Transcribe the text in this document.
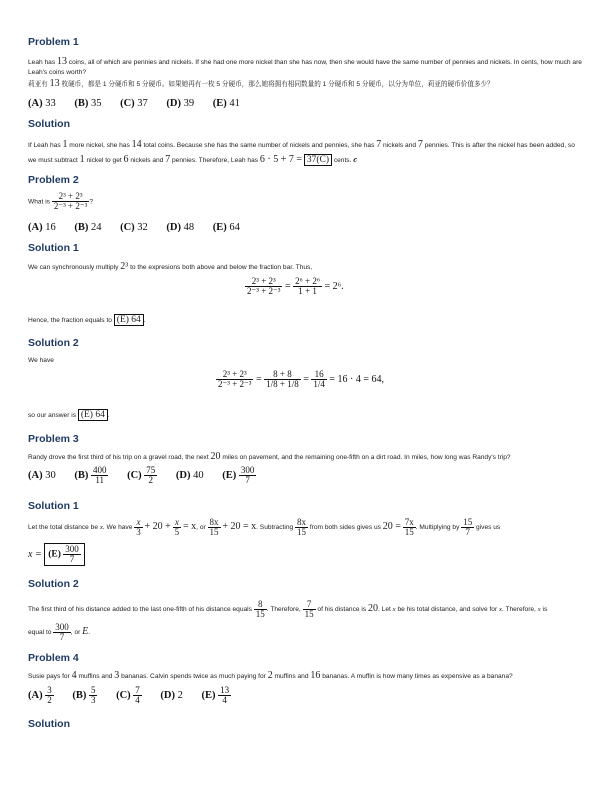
Problem 1

Leah has 13 coins, all of which are pennies and nickels. If she had one more nickel than she has now, then she would have the same number of pennies and nickels. In cents, how much are Leah's coins worth?

莉亚有 13 枚硬币，都是 1 分硬币和 5 分硬币。如果她再有一枚 5 分硬币，那么她将拥有相同数量的 1 分硬币和 5 分硬币，以分为单位，莉亚的硬币价值多少？

(A) 33 (B) 35 (C) 37 (D) 39 (E) 41
Solution

If Leah has 1 more nickel, she has 14 total coins. Because she has the same number of nickels and pennies, she has 7 nickels and 7 pennies. This is after the nickel has been added, so we must subtract 1 nickel to get 6 nickels and 7 pennies. Therefore, Leah has 6 · 5 + 7 = 37(C) cents. 𝒸

Problem 2

What is $\frac{\text{2³ + 2³}}{\text{2⁻³ + 2⁻³}}$ ?

(A) 16 (B) 24 (C) 32 (D) 48 (E) 64
Solution 1

We can synchronously multiply 2³ to the expresions both above and below the fraction bar. Thus,

$\frac{\text{2³ + 2³}}{\text{2⁻³ + 2⁻³}} = \frac{\text{2⁶ + 2⁶}}{1 + 1} = 2^6$.

Hence, the fraction equals to (E) 64 .

Solution 2

We have

$\frac{\text{2³ + 2³}}{\text{2⁻³ + 2⁻³}} = \frac{8 + 8}{1/8 + 1/8} = \frac{16}{1/4} = 16 \cdot 4 = 64$,

so our answer is (E) 64 .

Problem 3

Randy drove the first third of his trip on a gravel road, the next 20 miles on pavement, and the remaining one-fifth on a dirt road. In miles, how long was Randy's trip?

(A) 30 $(B) \frac{400}{11} (C) \frac{75}{2} (D)$ 40 $(E) \frac{300}{7}$
Solution 1

Let the total distance be x. We have $\frac{x}{3} + 20 + \frac{x}{5} = x$, or $\frac{8x}{15} + 20 = x$. Subtracting $\frac{8x}{15}$ from both sides gives us $20 = \frac{7x}{15}$ . Multiplying by $\frac{15}{7}$ gives us

$x = (E) \frac{300}{7}$
Solution 2

The first third of his distance added to the last one-fifth of his distance equals $\frac{8}{15}$ . Therefore, $\frac{7}{15}$ of his distance is 20. Let x be his total distance, and solve for x. Therefore, x is
equal to $\frac{300}{7}$ , or E.

Problem 4

Susie pays for 4 muffins and 3 bananas. Calvin spends twice as much paying for 2 muffins and 16 bananas. A muffin is how many times as expensive as a banana?

$(A) \frac{3}{2} (B) \frac{5}{3} (C) \frac{7}{4} (D)$ 2 $(E) \frac{13}{4}$
Solution
